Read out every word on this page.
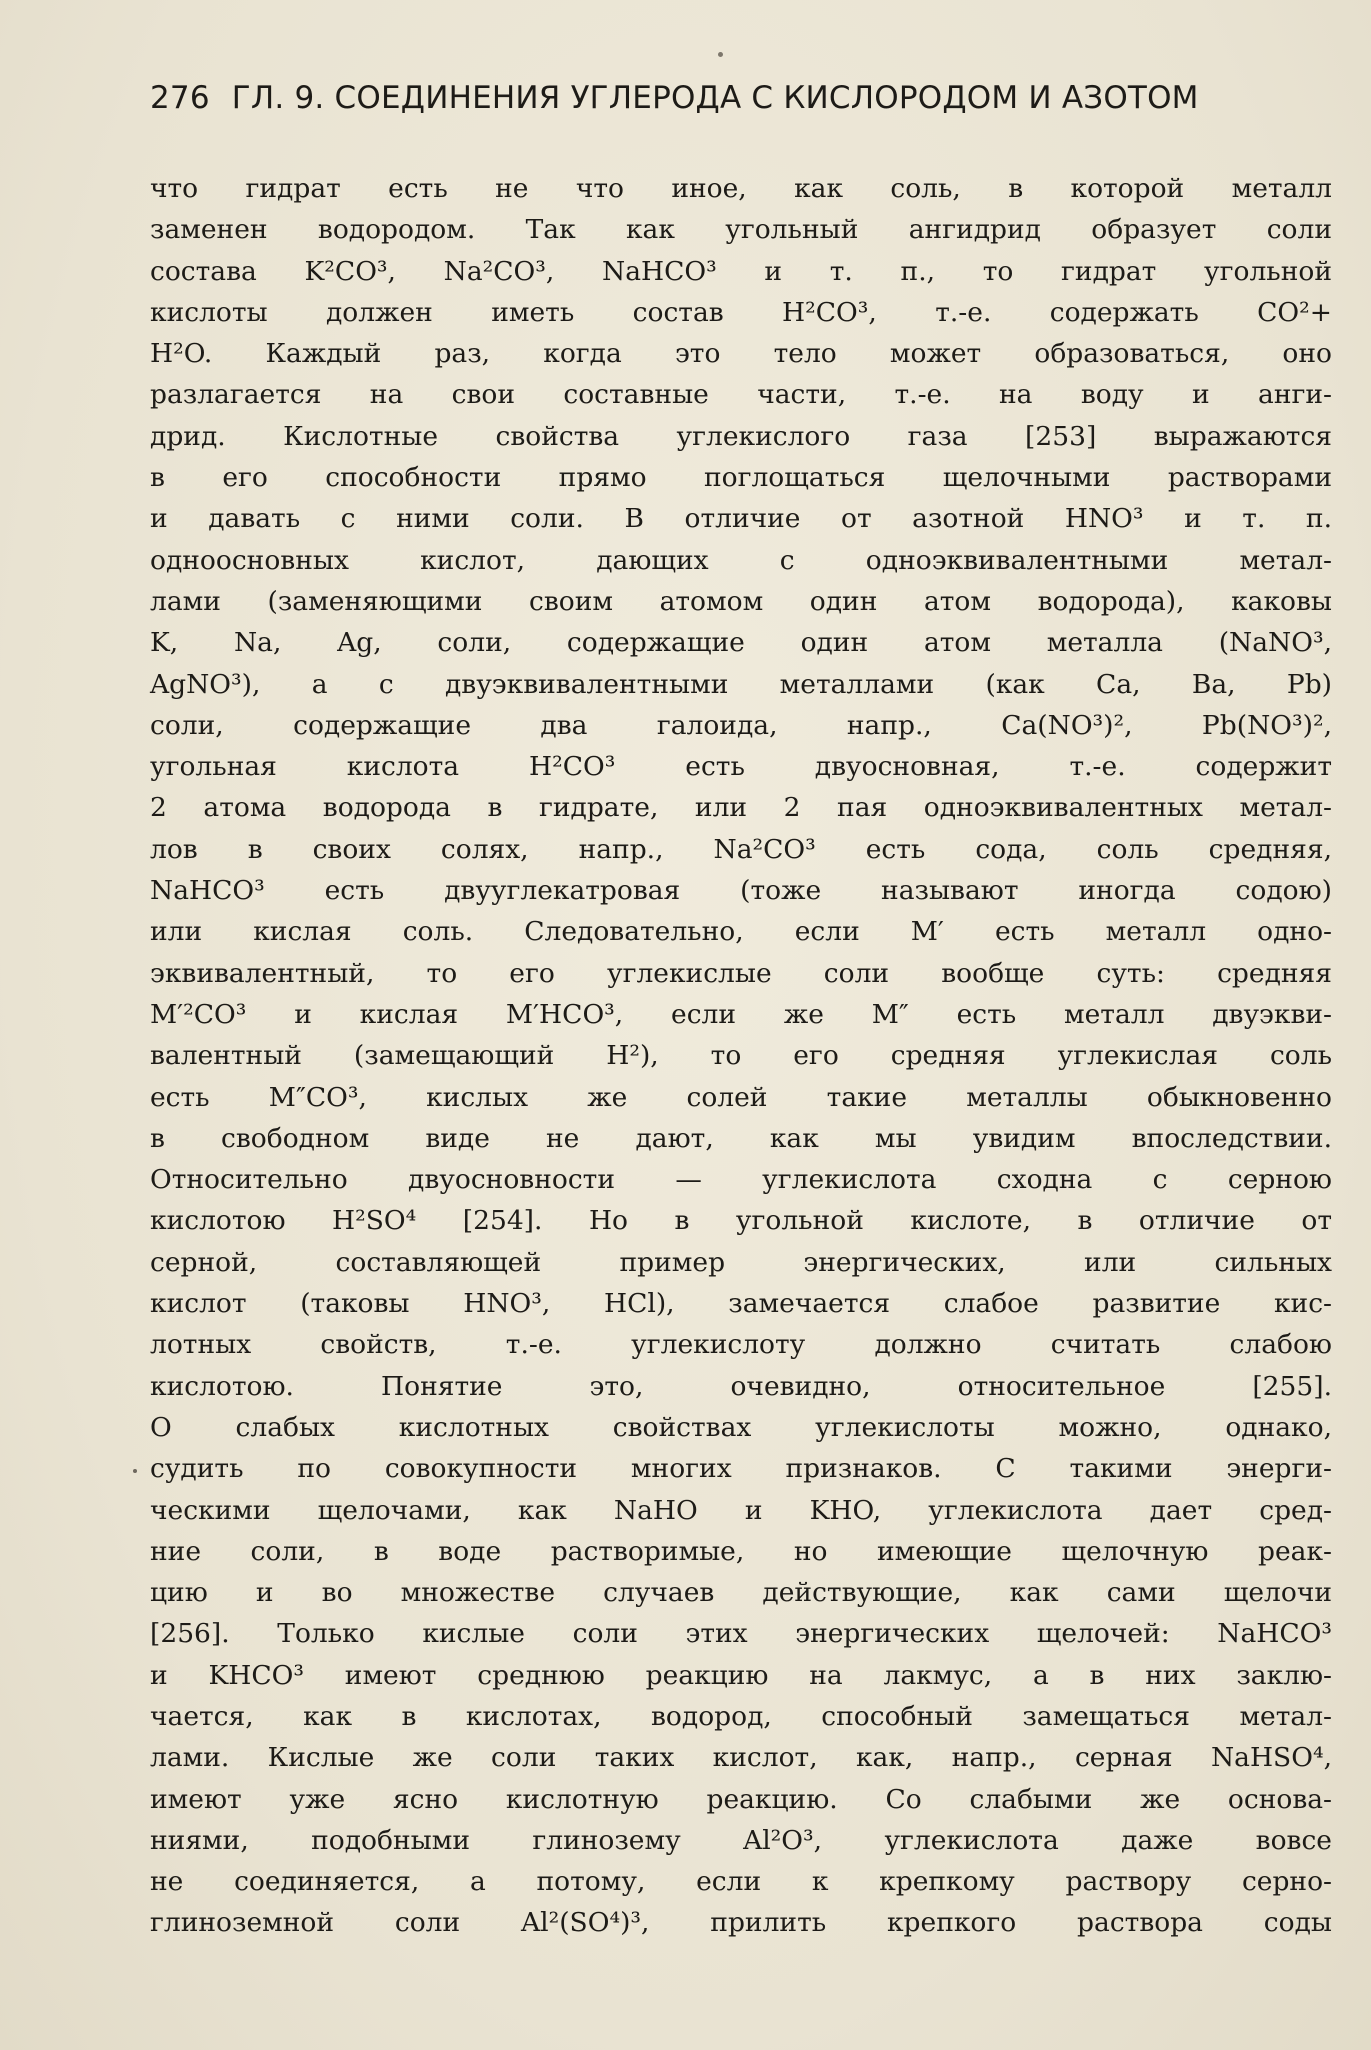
276 ГЛ. 9. СОЕДИНЕНИЯ УГЛЕРОДА С КИСЛОРОДОМ И АЗОТОМ
что гидрат есть не что иное, как соль, в которой металл
заменен водородом. Так как угольный ангидрид образует соли
состава K²CO³, Na²CO³, NaHCO³ и т. п., то гидрат угольной
кислоты должен иметь состав H²CO³, т.-е. содержать CO²+
H²O. Каждый раз, когда это тело может образоваться, оно
разлагается на свои составные части, т.-е. на воду и анги-
дрид. Кислотные свойства углекислого газа [253] выражаются
в его способности прямо поглощаться щелочными растворами
и давать с ними соли. В отличие от азотной HNO³ и т. п.
одноосновных кислот, дающих с одноэквивалентными метал-
лами (заменяющими своим атомом один атом водорода), каковы
K, Na, Ag, соли, содержащие один атом металла (NaNO³,
AgNO³), а с двуэквивалентными металлами (как Ca, Ba, Pb)
соли, содержащие два галоида, напр., Ca(NO³)², Pb(NO³)²,
угольная кислота H²CO³ есть двуосновная, т.-е. содержит
2 атома водорода в гидрате, или 2 пая одноэквивалентных метал-
лов в своих солях, напр., Na²CO³ есть сода, соль средняя,
NaHCO³ есть двууглекатровая (тоже называют иногда содою)
или кислая соль. Следовательно, если M′ есть металл одно-
эквивалентный, то его углекислые соли вообще суть: средняя
M′²CO³ и кислая M′HCO³, если же M″ есть металл двуэкви-
валентный (замещающий H²), то его средняя углекислая соль
есть M″CO³, кислых же солей такие металлы обыкновенно
в свободном виде не дают, как мы увидим впоследствии.
Относительно двуосновности — углекислота сходна с серною
кислотою H²SO⁴ [254]. Но в угольной кислоте, в отличие от
серной, составляющей пример энергических, или сильных
кислот (таковы HNO³, HCl), замечается слабое развитие кис-
лотных свойств, т.-е. углекислоту должно считать слабою
кислотою. Понятие это, очевидно, относительное [255].
О слабых кислотных свойствах углекислоты можно, однако,
судить по совокупности многих признаков. С такими энерги-
ческими щелочами, как NaHO и KHO, углекислота дает сред-
ние соли, в воде растворимые, но имеющие щелочную реак-
цию и во множестве случаев действующие, как сами щелочи
[256]. Только кислые соли этих энергических щелочей: NaHCO³
и KHCO³ имеют среднюю реакцию на лакмус, а в них заклю-
чается, как в кислотах, водород, способный замещаться метал-
лами. Кислые же соли таких кислот, как, напр., серная NaHSO⁴,
имеют уже ясно кислотную реакцию. Со слабыми же основа-
ниями, подобными глинозему Al²O³, углекислота даже вовсе
не соединяется, а потому, если к крепкому раствору серно-
глиноземной соли Al²(SO⁴)³, прилить крепкого раствора соды
